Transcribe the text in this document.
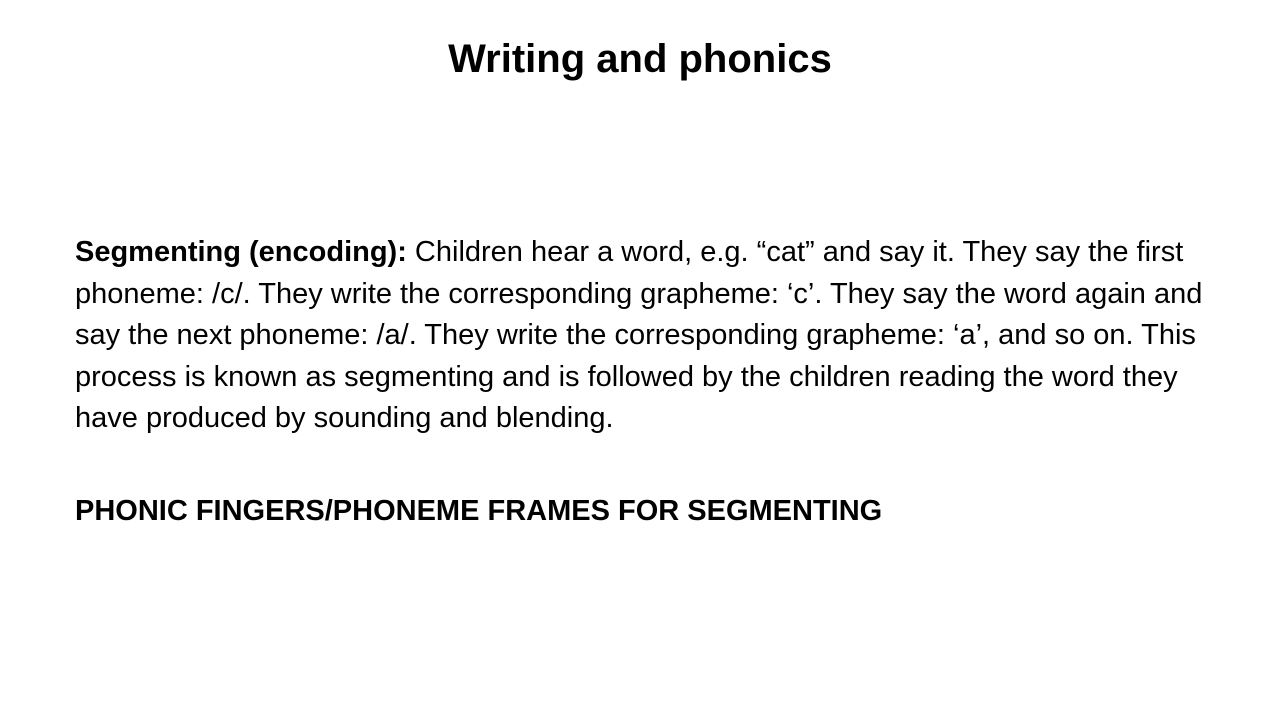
Writing and phonics

Segmenting (encoding): Children hear a word, e.g. “cat” and say it. They say the first phoneme: /c/. They write the corresponding grapheme: ‘c’. They say the word again and say the next phoneme: /a/. They write the corresponding grapheme: ‘a’, and so on. This process is known as segmenting and is followed by the children reading the word they have produced by sounding and blending.

PHONIC FINGERS/PHONEME FRAMES FOR SEGMENTING
